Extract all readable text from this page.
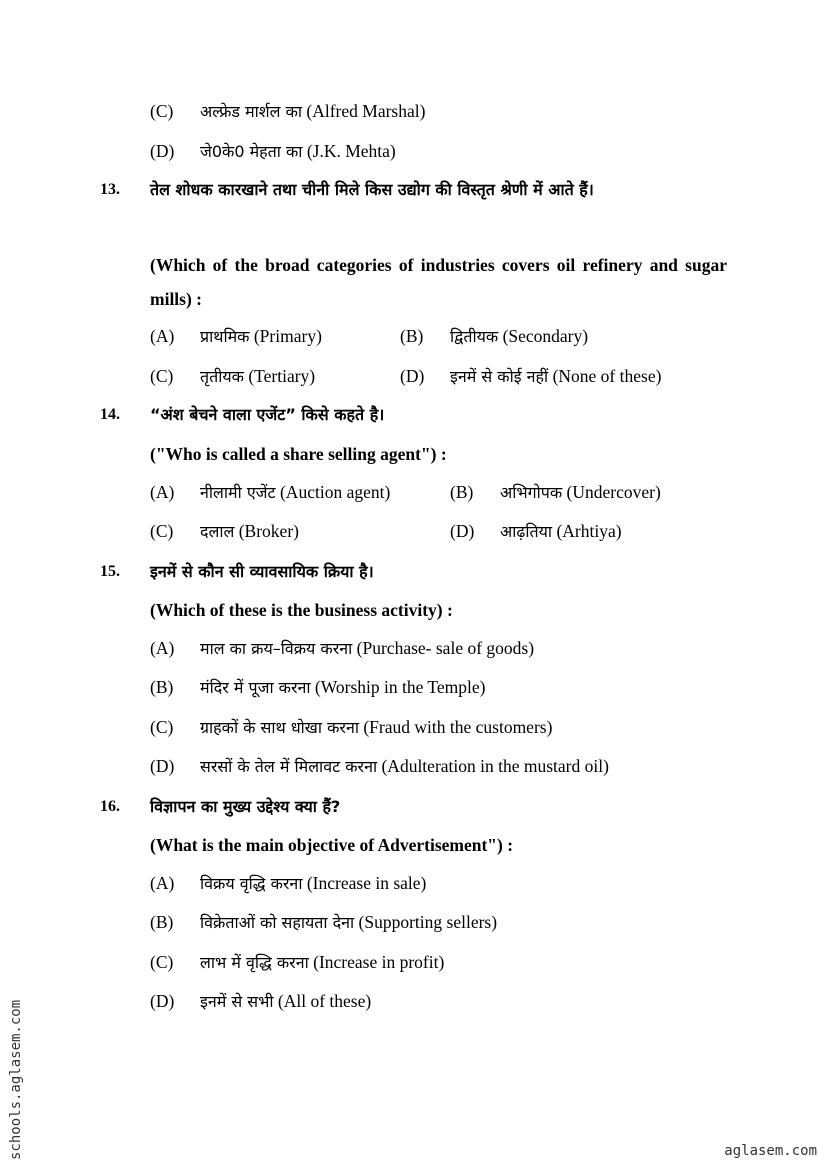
(C) अल्फ्रेड मार्शल का (Alfred Marshal)
(D) जे0के0 मेहता का (J.K. Mehta)
13. तेल शोधक कारखाने तथा चीनी मिले किस उद्योग की विस्तृत श्रेणी में आते हैं।
(Which of the broad categories of industries covers oil refinery and sugar mills) :
(A) प्राथमिक (Primary)	(B) द्वितीयक (Secondary)
(C) तृतीयक (Tertiary)	(D) इनमें से कोई नहीं (None of these)
14. “अंश बेचने वाला एजेंट” किसे कहते है।
("Who is called a share selling agent") :
(A) नीलामी एजेंट (Auction agent)	(B) अभिगोपक (Undercover)
(C) दलाल (Broker)	(D) आढ़तिया (Arhtiya)
15. इनमें से कौन सी व्यावसायिक क्रिया है।
(Which of these is the business activity) :
(A) माल का क्रय–विक्रय करना (Purchase- sale of goods)
(B) मंदिर में पूजा करना (Worship in the Temple)
(C) ग्राहकों के साथ धोखा करना (Fraud with the customers)
(D) सरसों के तेल में मिलावट करना (Adulteration in the mustard oil)
16. विज्ञापन का मुख्य उद्देश्य क्या हैं?
(What is the main objective of Advertisement") :
(A) विक्रय वृद्धि करना (Increase in sale)
(B) विक्रेताओं को सहायता देना (Supporting sellers)
(C) लाभ में वृद्धि करना (Increase in profit)
(D) इनमें से सभी (All of these)
schools.aglasem.com	aglasem.com
